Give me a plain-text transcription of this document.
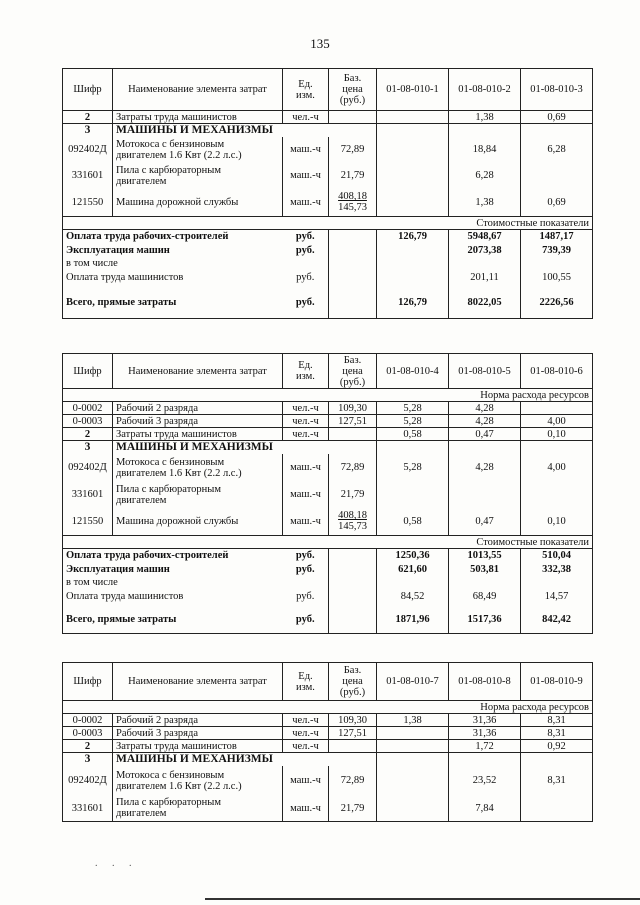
135
Шифр	Наименование элемента затрат	Ед.
изм.	Баз.
цена
(руб.)	01-08-010-1	01-08-010-2	01-08-010-3
2	Затраты труда машинистов	чел.-ч			1,38	0,69
3	МАШИНЫ И МЕХАНИЗМЫ					
092402Д	Мотокоса с бензиновым
двигателем 1.6 Квт (2.2 л.с.)	маш.-ч	72,89		18,84	6,28
331601	Пила с карбюраторным
двигателем	маш.-ч	21,79		6,28	
121550	Машина дорожной службы	маш.-ч	408,18
145,73		1,38	0,69
Стоимостные показатели						
Оплата труда рабочих-строителей		руб.		126,79	5948,67	1487,17
Эксплуатация машин		руб.			2073,38	739,39
в том числе						
Оплата труда машинистов		руб.			201,11	100,55
Всего, прямые затраты		руб.		126,79	8022,05	2226,56
Шифр	Наименование элемента затрат	Ед.
изм.	Баз.
цена
(руб.)	01-08-010-4	01-08-010-5	01-08-010-6
Норма расхода ресурсов						
0-0002	Рабочий 2 разряда	чел.-ч	109,30	5,28	4,28	
0-0003	Рабочий 3 разряда	чел.-ч	127,51	5,28	4,28	4,00
2	Затраты труда машинистов	чел.-ч		0,58	0,47	0,10
3	МАШИНЫ И МЕХАНИЗМЫ					
092402Д	Мотокоса с бензиновым
двигателем 1.6 Квт (2.2 л.с.)	маш.-ч	72,89	5,28	4,28	4,00
331601	Пила с карбюраторным
двигателем	маш.-ч	21,79			
121550	Машина дорожной службы	маш.-ч	408,18
145,73	0,58	0,47	0,10
Стоимостные показатели						
Оплата труда рабочих-строителей		руб.		1250,36	1013,55	510,04
Эксплуатация машин		руб.		621,60	503,81	332,38
в том числе						
Оплата труда машинистов		руб.		84,52	68,49	14,57
Всего, прямые затраты		руб.		1871,96	1517,36	842,42
Шифр	Наименование элемента затрат	Ед.
изм.	Баз.
цена
(руб.)	01-08-010-7	01-08-010-8	01-08-010-9
Норма расхода ресурсов						
0-0002	Рабочий 2 разряда	чел.-ч	109,30	1,38	31,36	8,31
0-0003	Рабочий 3 разряда	чел.-ч	127,51		31,36	8,31
2	Затраты труда машинистов	чел.-ч			1,72	0,92
3	МАШИНЫ И МЕХАНИЗМЫ					
092402Д	Мотокоса с бензиновым
двигателем 1.6 Квт (2.2 л.с.)	маш.-ч	72,89		23,52	8,31
331601	Пила с карбюраторным
двигателем	маш.-ч	21,79		7,84	
. . .
